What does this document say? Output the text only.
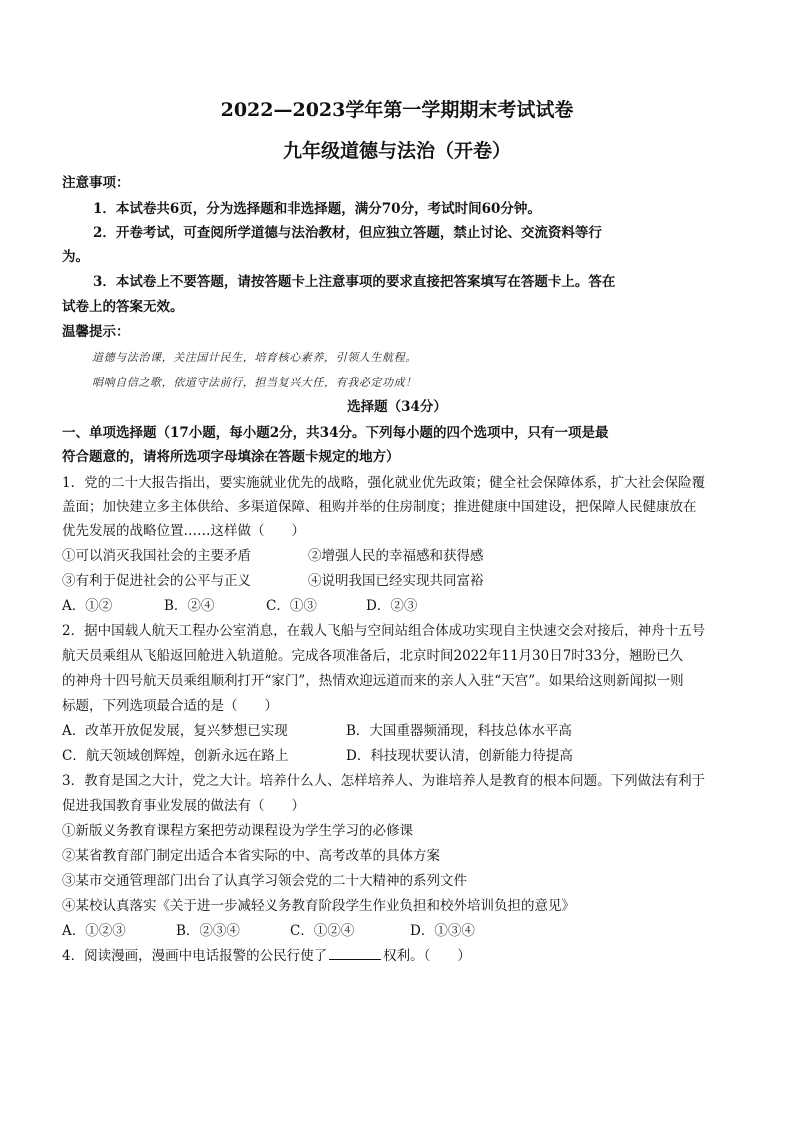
2022—2023学年第一学期期末考试试卷
九年级道德与法治（开卷）
注意事项：
1．本试卷共6页，分为选择题和非选择题，满分70分，考试时间60分钟。
2．开卷考试，可查阅所学道德与法治教材，但应独立答题，禁止讨论、交流资料等行
为。
3．本试卷上不要答题，请按答题卡上注意事项的要求直接把答案填写在答题卡上。答在
试卷上的答案无效。
温馨提示：
道德与法治课，关注国计民生，培育核心素养，引领人生航程。
唱响自信之歌，依道守法前行，担当复兴大任，有我必定功成！
选择题（34分）
一、单项选择题（17小题，每小题2分，共34分。下列每小题的四个选项中，只有一项是最
符合题意的，请将所选项字母填涂在答题卡规定的地方）
1．党的二十大报告指出，要实施就业优先的战略，强化就业优先政策；健全社会保障体系，扩大社会保险覆
盖面；加快建立多主体供给、多渠道保障、租购并举的住房制度；推进健康中国建设，把保障人民健康放在
优先发展的战略位置……这样做（　　）
①可以消灭我国社会的主要矛盾	②增强人民的幸福感和获得感
③有利于促进社会的公平与正义	④说明我国已经实现共同富裕
A．①②	B．②④	C．①③	D．②③
2．据中国载人航天工程办公室消息，在载人飞船与空间站组合体成功实现自主快速交会对接后，神舟十五号
航天员乘组从飞船返回舱进入轨道舱。完成各项准备后，北京时间2022年11月30日7时33分，翘盼已久
的神舟十四号航天员乘组顺利打开“家门”，热情欢迎远道而来的亲人入驻“天宫”。如果给这则新闻拟一则
标题，下列选项最合适的是（　　）
A．改革开放促发展，复兴梦想已实现	B．大国重器频涌现，科技总体水平高
C．航天领域创辉煌，创新永远在路上	D．科技现状要认清，创新能力待提高
3．教育是国之大计，党之大计。培养什么人、怎样培养人、为谁培养人是教育的根本问题。下列做法有利于
促进我国教育事业发展的做法有（　　）
①新版义务教育课程方案把劳动课程设为学生学习的必修课
②某省教育部门制定出适合本省实际的中、高考改革的具体方案
③某市交通管理部门出台了认真学习领会党的二十大精神的系列文件
④某校认真落实《关于进一步减轻义务教育阶段学生作业负担和校外培训负担的意见》
A．①②③	B．②③④	C．①②④	D．①③④
4．阅读漫画，漫画中电话报警的公民行使了	权利。（　　）
